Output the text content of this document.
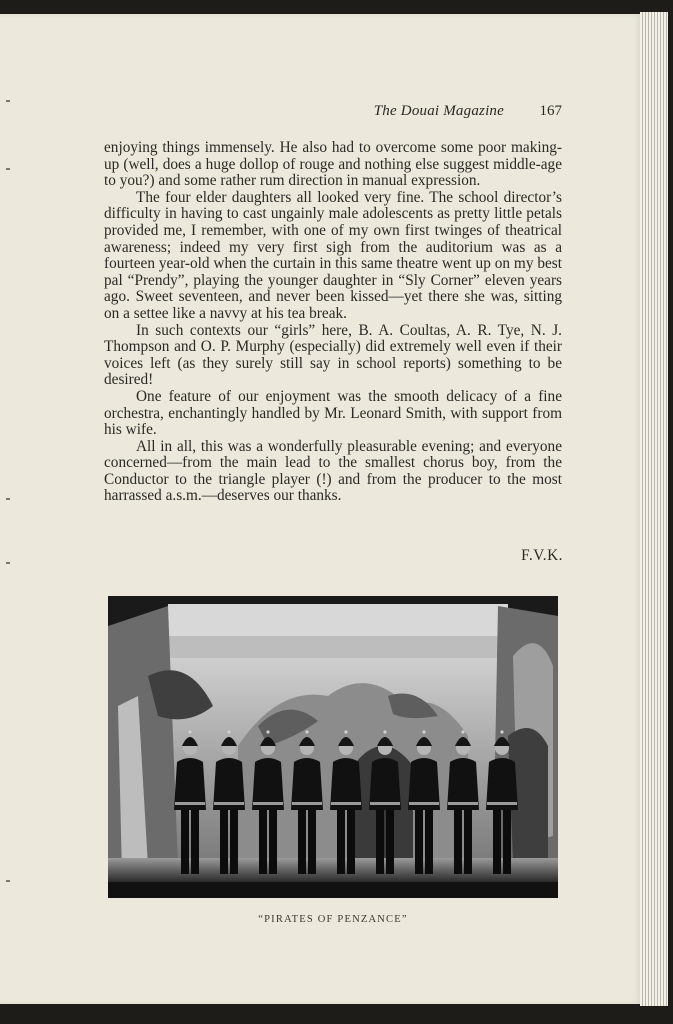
The Douai Magazine 167

enjoying things immensely. He also had to overcome some poor making-up (well, does a huge dollop of rouge and nothing else suggest middle-age to you?) and some rather rum direction in manual expression.

The four elder daughters all looked very fine. The school director’s difficulty in having to cast ungainly male adolescents as pretty little petals provided me, I remember, with one of my own first twinges of theatrical awareness; indeed my very first sigh from the auditorium was as a fourteen year-old when the curtain in this same theatre went up on my best pal “Prendy”, playing the younger daughter in “Sly Corner” eleven years ago. Sweet seventeen, and never been kissed—yet there she was, sitting on a settee like a navvy at his tea break.

In such contexts our “girls” here, B. A. Coultas, A. R. Tye, N. J. Thompson and O. P. Murphy (especially) did extremely well even if their voices left (as they surely still say in school reports) something to be desired!

One feature of our enjoyment was the smooth delicacy of a fine orchestra, enchantingly handled by Mr. Leonard Smith, with support from his wife.

All in all, this was a wonderfully pleasurable evening; and everyone concerned—from the main lead to the smallest chorus boy, from the Conductor to the triangle player (!) and from the producer to the most harrassed a.s.m.—deserves our thanks.

F.V.K.
“PIRATES OF PENZANCE”
